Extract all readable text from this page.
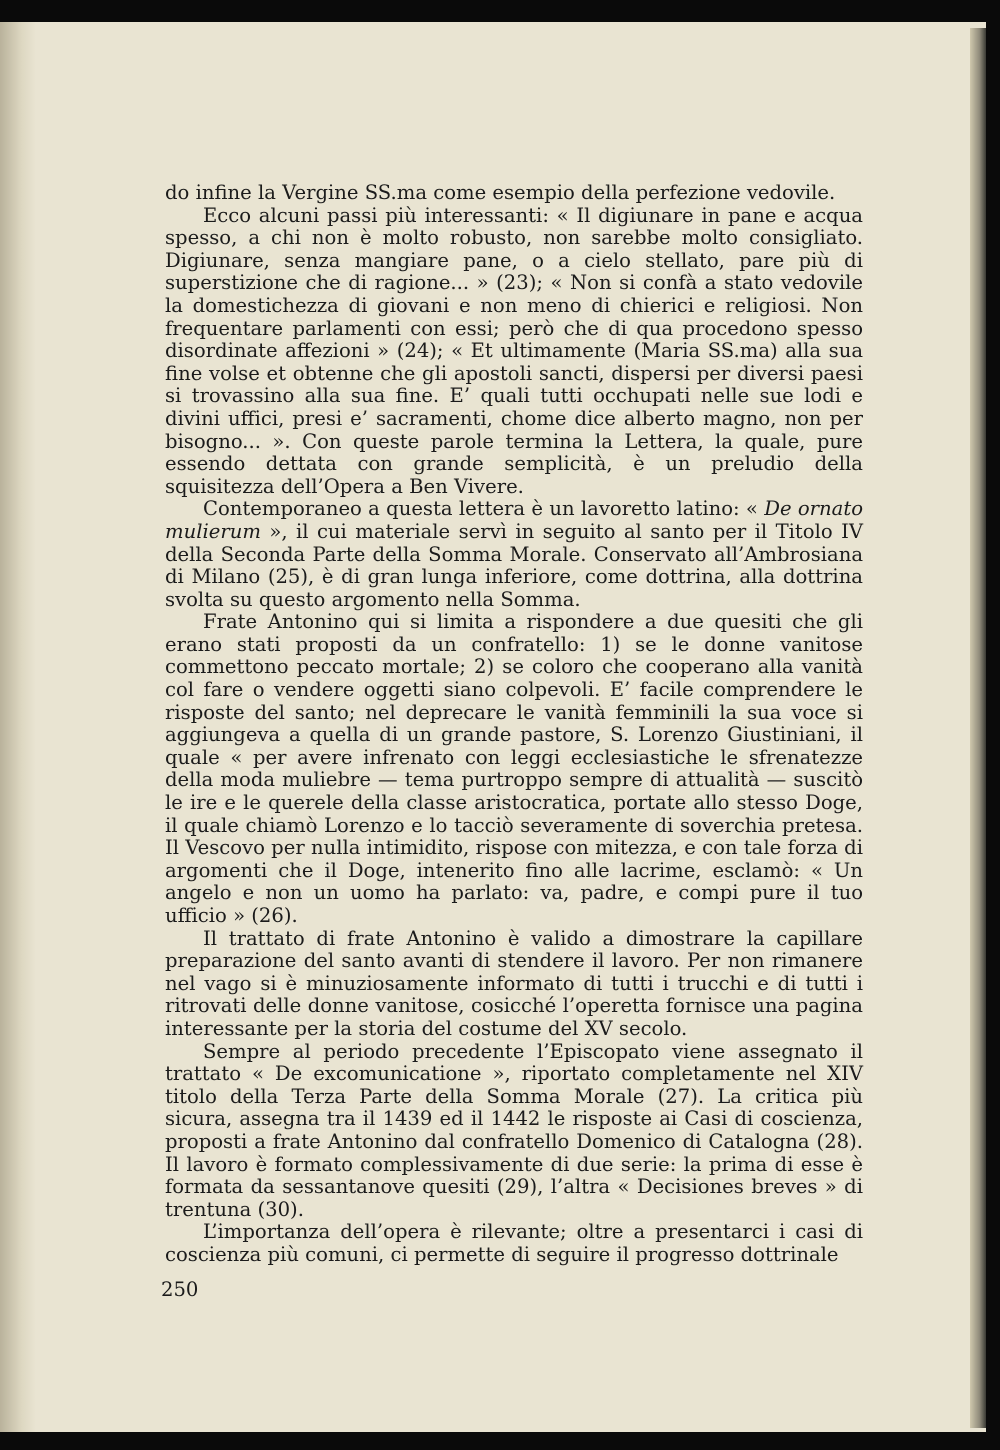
do infine la Vergine SS.ma come esempio della perfezione vedovile.

Ecco alcuni passi più interessanti: « Il digiunare in pane e acqua spesso, a chi non è molto robusto, non sarebbe molto consigliato. Digiunare, senza mangiare pane, o a cielo stellato, pare più di superstizione che di ragione... » (23); « Non si confà a stato vedovile la domestichezza di giovani e non meno di chierici e religiosi. Non frequentare parlamenti con essi; però che di qua procedono spesso disordinate affezioni » (24); « Et ultimamente (Maria SS.ma) alla sua fine volse et obtenne che gli apostoli sancti, dispersi per diversi paesi si trovassino alla sua fine. E’ quali tutti occhupati nelle sue lodi e divini uffici, presi e’ sacramenti, chome dice alberto magno, non per bisogno... ». Con queste parole termina la Lettera, la quale, pure essendo dettata con grande semplicità, è un preludio della squisitezza dell’Opera a Ben Vivere.

Contemporaneo a questa lettera è un lavoretto latino: « De ornato mulierum », il cui materiale servì in seguito al santo per il Titolo IV della Seconda Parte della Somma Morale. Conservato all’Ambrosiana di Milano (25), è di gran lunga inferiore, come dottrina, alla dottrina svolta su questo argomento nella Somma.

Frate Antonino qui si limita a rispondere a due quesiti che gli erano stati proposti da un confratello: 1) se le donne vanitose commettono peccato mortale; 2) se coloro che cooperano alla vanità col fare o vendere oggetti siano colpevoli. E’ facile comprendere le risposte del santo; nel deprecare le vanità femminili la sua voce si aggiungeva a quella di un grande pastore, S. Lorenzo Giustiniani, il quale « per avere infrenato con leggi ecclesiastiche le sfrenatezze della moda muliebre — tema purtroppo sempre di attualità — suscitò le ire e le querele della classe aristocratica, portate allo stesso Doge, il quale chiamò Lorenzo e lo tacciò severamente di soverchia pretesa. Il Vescovo per nulla intimidito, rispose con mitezza, e con tale forza di argomenti che il Doge, intenerito fino alle lacrime, esclamò: « Un angelo e non un uomo ha parlato: va, padre, e compi pure il tuo ufficio » (26).

Il trattato di frate Antonino è valido a dimostrare la capillare preparazione del santo avanti di stendere il lavoro. Per non rimanere nel vago si è minuziosamente informato di tutti i trucchi e di tutti i ritrovati delle donne vanitose, cosicché l’operetta fornisce una pagina interessante per la storia del costume del XV secolo.

Sempre al periodo precedente l’Episcopato viene assegnato il trattato « De excomunicatione », riportato completamente nel XIV titolo della Terza Parte della Somma Morale (27). La critica più sicura, assegna tra il 1439 ed il 1442 le risposte ai Casi di coscienza, proposti a frate Antonino dal confratello Domenico di Catalogna (28). Il lavoro è formato complessivamente di due serie: la prima di esse è formata da sessantanove quesiti (29), l’altra « Decisiones breves » di trentuna (30).

L’importanza dell’opera è rilevante; oltre a presentarci i casi di coscienza più comuni, ci permette di seguire il progresso dottrinale

250
